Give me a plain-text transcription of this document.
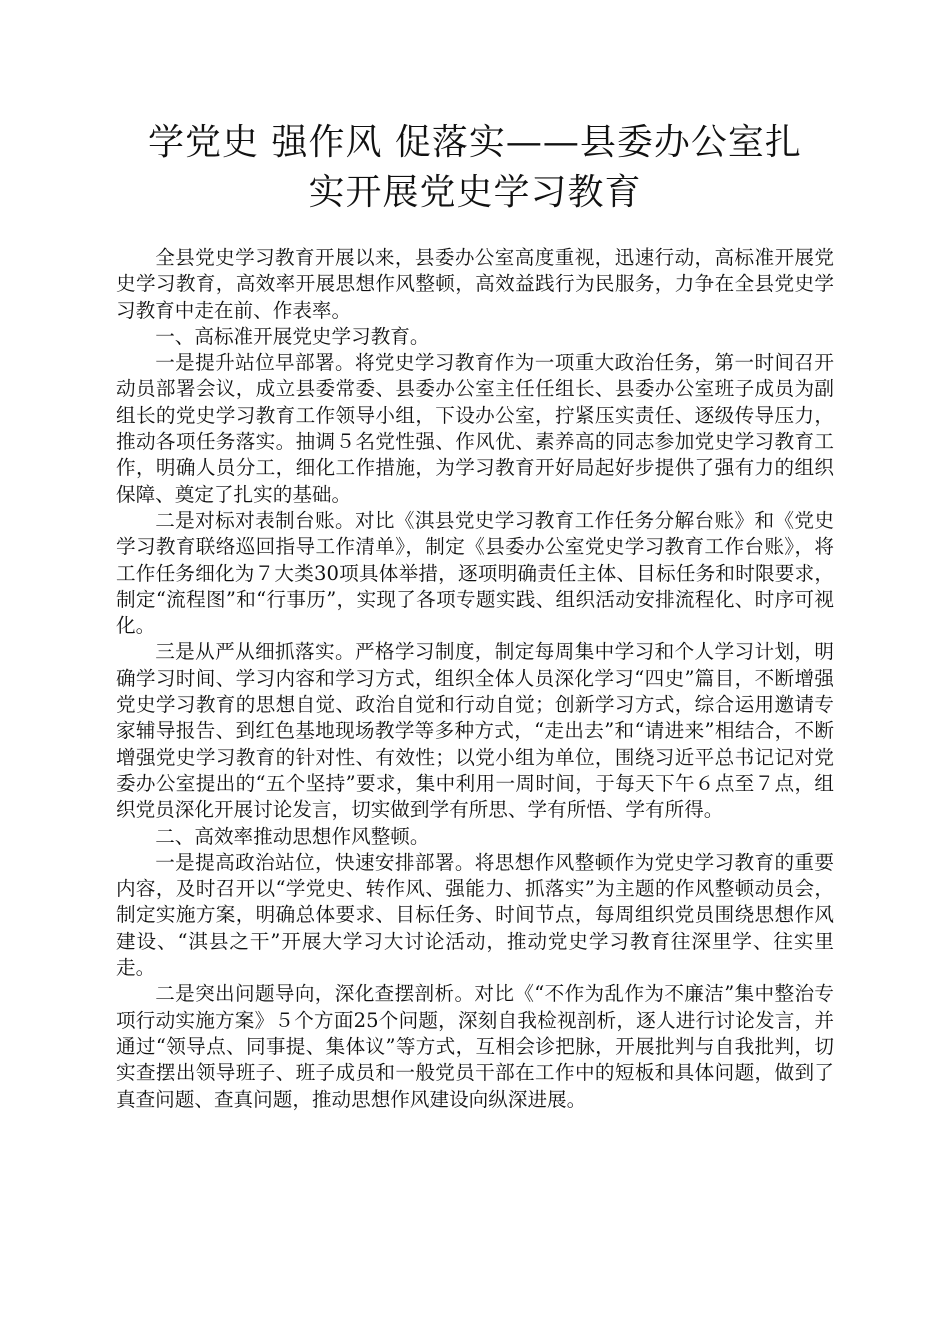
学党史 强作风 促落实——县委办公室扎
实开展党史学习教育

全县党史学习教育开展以来，县委办公室高度重视，迅速行动，高标准开展党史学习教育，高效率开展思想作风整顿，高效益践行为民服务，力争在全县党史学习教育中走在前、作表率。

一、高标准开展党史学习教育。

一是提升站位早部署。将党史学习教育作为一项重大政治任务，第一时间召开动员部署会议，成立县委常委、县委办公室主任任组长、县委办公室班子成员为副组长的党史学习教育工作领导小组，下设办公室，拧紧压实责任、逐级传导压力，推动各项任务落实。抽调５名党性强、作风优、素养高的同志参加党史学习教育工作，明确人员分工，细化工作措施，为学习教育开好局起好步提供了强有力的组织保障、奠定了扎实的基础。

二是对标对表制台账。对比《淇县党史学习教育工作任务分解台账》和《党史学习教育联络巡回指导工作清单》，制定《县委办公室党史学习教育工作台账》，将工作任务细化为７大类30项具体举措，逐项明确责任主体、目标任务和时限要求，制定“流程图”和“行事历”，实现了各项专题实践、组织活动安排流程化、时序可视化。

三是从严从细抓落实。严格学习制度，制定每周集中学习和个人学习计划，明确学习时间、学习内容和学习方式，组织全体人员深化学习“四史”篇目，不断增强党史学习教育的思想自觉、政治自觉和行动自觉；创新学习方式，综合运用邀请专家辅导报告、到红色基地现场教学等多种方式，“走出去”和“请进来”相结合，不断增强党史学习教育的针对性、有效性；以党小组为单位，围绕习近平总书记记对党委办公室提出的“五个坚持”要求，集中利用一周时间，于每天下午６点至７点，组织党员深化开展讨论发言，切实做到学有所思、学有所悟、学有所得。

二、高效率推动思想作风整顿。

一是提高政治站位，快速安排部署。将思想作风整顿作为党史学习教育的重要内容，及时召开以“学党史、转作风、强能力、抓落实”为主题的作风整顿动员会，制定实施方案，明确总体要求、目标任务、时间节点，每周组织党员围绕思想作风建设、“淇县之干”开展大学习大讨论活动，推动党史学习教育往深里学、往实里走。

二是突出问题导向，深化查摆剖析。对比《“不作为乱作为不廉洁”集中整治专项行动实施方案》５个方面25个问题，深刻自我检视剖析，逐人进行讨论发言，并通过“领导点、同事提、集体议”等方式，互相会诊把脉，开展批判与自我批判，切实查摆出领导班子、班子成员和一般党员干部在工作中的短板和具体问题，做到了真查问题、查真问题，推动思想作风建设向纵深进展。
